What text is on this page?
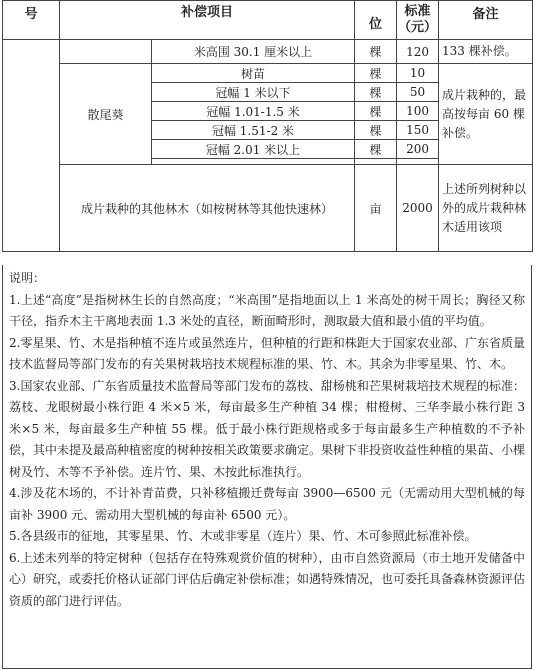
号	补偿项目		位	标准
（元）	备注
		米高围 30.1 厘米以上	棵	120	133 棵补偿。
	散尾葵	树苗	棵	10	成片栽种的，最高按每亩 60 棵补偿。
		冠幅 1 米以下	棵	50	
		冠幅 1.01-1.5 米	棵	100	
		冠幅 1.51-2 米	棵	150	
		冠幅 2.01 米以上	棵	200	

	成片栽种的其他林木（如桉树林等其他快速林）		亩	2000	上述所列树种以外的成片栽种林木适用该项

说明：

1.上述“高度”是指树林生长的自然高度；“米高围”是指地面以上 1 米高处的树干周长；胸径又称干径，指乔木主干离地表面 1.3 米处的直径，断面畸形时，测取最大值和最小值的平均值。

2.零星果、竹、木是指种植不连片或虽然连片，但种植的行距和株距大于国家农业部、广东省质量技术监督局等部门发布的有关果树栽培技术规程标准的果、竹、木。其余为非零星果、竹、木。

3.国家农业部、广东省质量技术监督局等部门发布的荔枝、甜杨桃和芒果树栽培技术规程的标准：荔枝、龙眼树最小株行距 4 米×5 米，每亩最多生产种植 34 棵；柑橙树、三华李最小株行距 3 米×5 米，每亩最多生产种植 55 棵。低于最小株行距规格或多于每亩最多生产种植数的不予补偿，其中未提及最高种植密度的树种按相关政策要求确定。果树下非投资收益性种植的果苗、小棵树及竹、木等不予补偿。连片竹、果、木按此标准执行。

4.涉及花木场的，不计补青苗费，只补移植搬迁费每亩 3900—6500 元（无需动用大型机械的每亩补 3900 元、需动用大型机械的每亩补 6500 元）。

5.各县级市的征地，其零星果、竹、木或非零星（连片）果、竹、木可参照此标准补偿。

6.上述未列举的特定树种（包括存在特殊观赏价值的树种），由市自然资源局（市土地开发储备中心）研究，或委托价格认证部门评估后确定补偿标准；如遇特殊情况，也可委托具备森林资源评估资质的部门进行评估。
